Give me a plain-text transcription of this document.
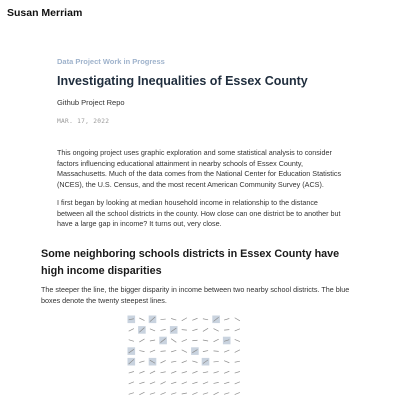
Susan Merriam
Data Project Work in Progress
Investigating Inequalities of Essex County
Github Project Repo
MAR. 17, 2022

This ongoing project uses graphic exploration and some statistical analysis to consider factors influencing educational attainment in nearby schools of Essex County, Massachusetts. Much of the data comes from the National Center for Education Statistics (NCES), the U.S. Census, and the most recent American Community Survey (ACS).

I first began by looking at median household income in relationship to the distance between all the school districts in the county. How close can one district be to another but have a large gap in income? It turns out, very close.

Some neighboring schools districts in Essex County have high income disparities

The steeper the line, the bigger disparity in income between two nearby school districts. The blue boxes denote the twenty steepest lines.
